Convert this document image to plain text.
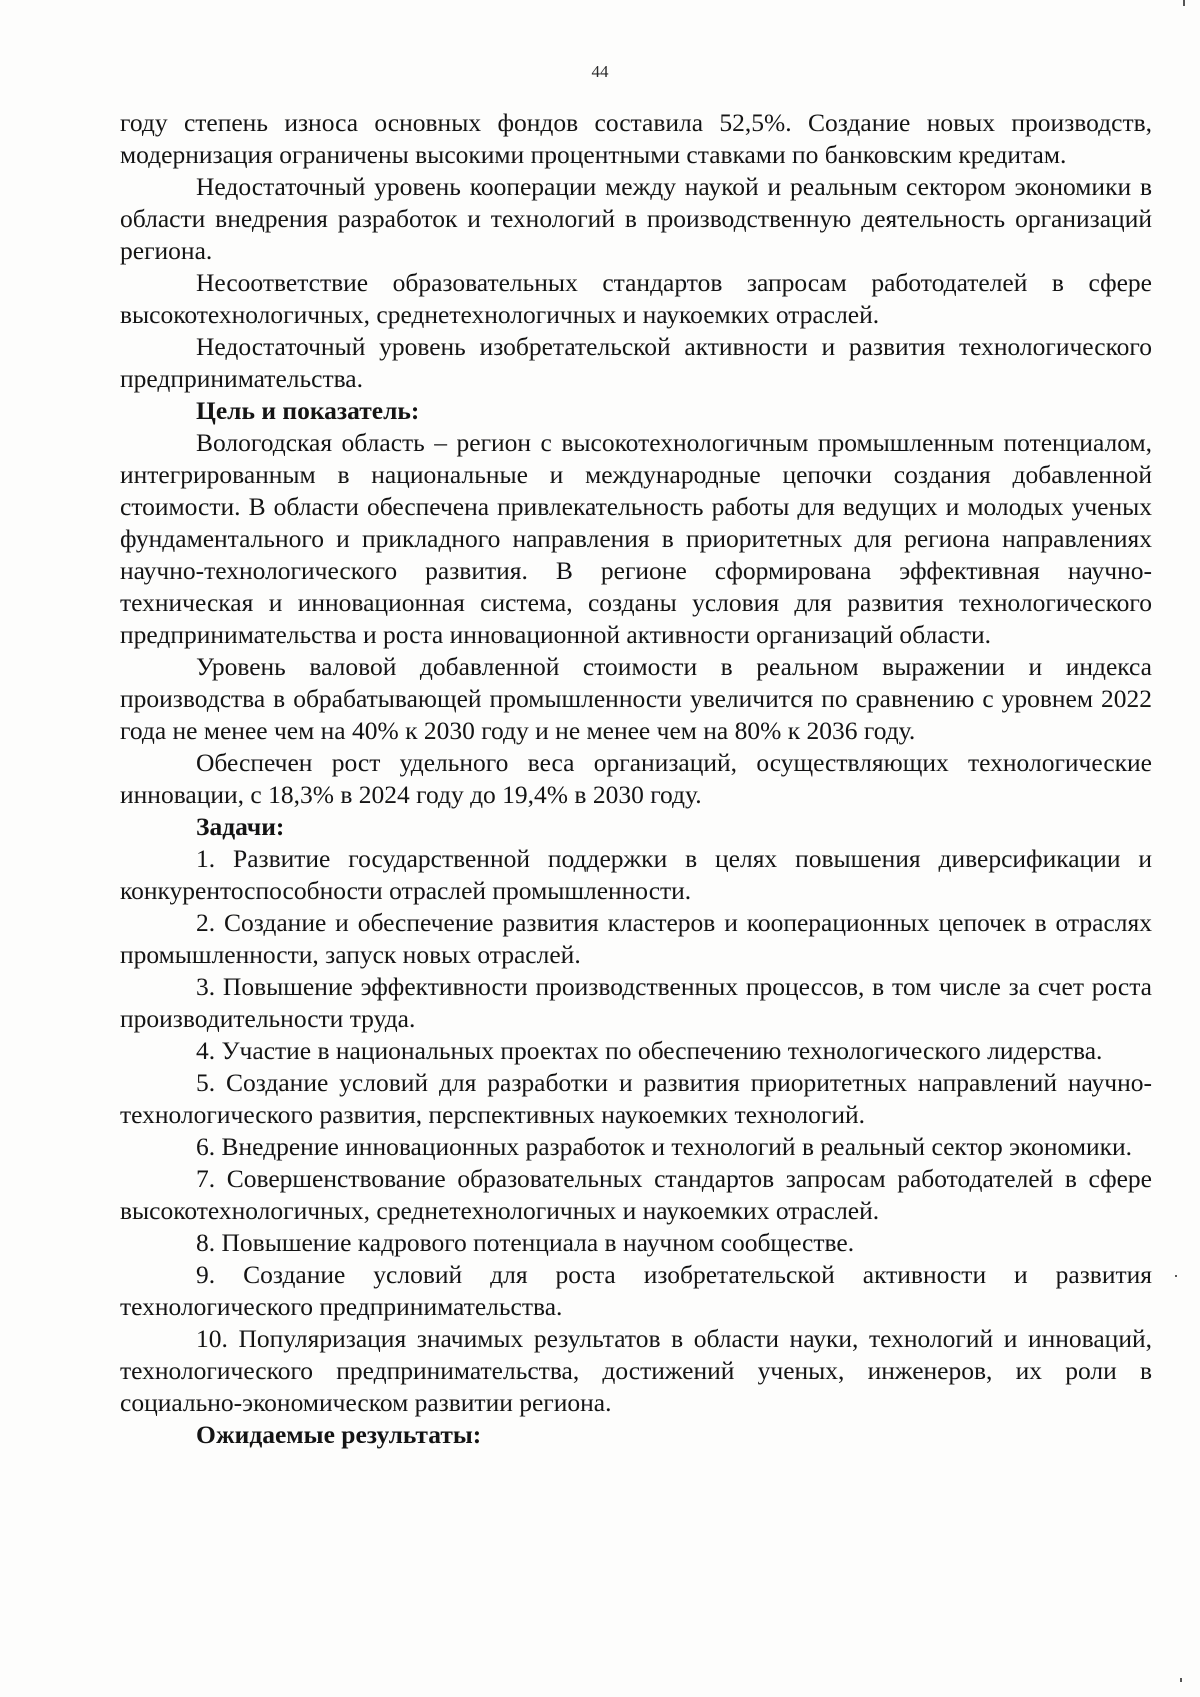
44

году степень износа основных фондов составила 52,5%. Создание новых производств, модернизация ограничены высокими процентными ставками по банковским кредитам.

Недостаточный уровень кооперации между наукой и реальным сектором экономики в области внедрения разработок и технологий в производственную деятельность организаций региона.

Несоответствие образовательных стандартов запросам работодателей в сфере высокотехнологичных, среднетехнологичных и наукоемких отраслей.

Недостаточный уровень изобретательской активности и развития технологического предпринимательства.

Цель и показатель:

Вологодская область – регион с высокотехнологичным промышленным потенциалом, интегрированным в национальные и международные цепочки создания добавленной стоимости. В области обеспечена привлекательность работы для ведущих и молодых ученых фундаментального и прикладного направления в приоритетных для региона направлениях научно-технологического развития. В регионе сформирована эффективная научно-техническая и инновационная система, созданы условия для развития технологического предпринимательства и роста инновационной активности организаций области.

Уровень валовой добавленной стоимости в реальном выражении и индекса производства в обрабатывающей промышленности увеличится по сравнению с уровнем 2022 года не менее чем на 40% к 2030 году и не менее чем на 80% к 2036 году.

Обеспечен рост удельного веса организаций, осуществляющих технологические инновации, с 18,3% в 2024 году до 19,4% в 2030 году.

Задачи:

1. Развитие государственной поддержки в целях повышения диверсификации и конкурентоспособности отраслей промышленности.

2. Создание и обеспечение развития кластеров и кооперационных цепочек в отраслях промышленности, запуск новых отраслей.

3. Повышение эффективности производственных процессов, в том числе за счет роста производительности труда.

4. Участие в национальных проектах по обеспечению технологического лидерства.

5. Создание условий для разработки и развития приоритетных направлений научно-технологического развития, перспективных наукоемких технологий.

6. Внедрение инновационных разработок и технологий в реальный сектор экономики.

7. Совершенствование образовательных стандартов запросам работодателей в сфере высокотехнологичных, среднетехнологичных и наукоемких отраслей.

8. Повышение кадрового потенциала в научном сообществе.

9. Создание условий для роста изобретательской активности и развития технологического предпринимательства.

10. Популяризация значимых результатов в области науки, технологий и инноваций, технологического предпринимательства, достижений ученых, инженеров, их роли в социально-экономическом развитии региона.

Ожидаемые результаты:
